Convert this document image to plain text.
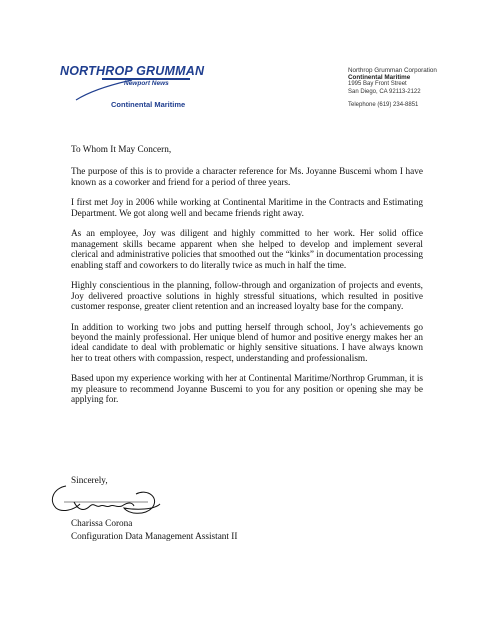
NORTHROP GRUMMAN
Newport News
Continental Maritime
Northrop Grumman Corporation
Continental Maritime
1995 Bay Front Street
San Diego, CA 92113-2122
Telephone (619) 234-8851

To Whom It May Concern,

The purpose of this is to provide a character reference for Ms. Joyanne Buscemi whom I have known as a coworker and friend for a period of three years.

I first met Joy in 2006 while working at Continental Maritime in the Contracts and Estimating Department. We got along well and became friends right away.

As an employee, Joy was diligent and highly committed to her work. Her solid office management skills became apparent when she helped to develop and implement several clerical and administrative policies that smoothed out the “kinks” in documentation processing enabling staff and coworkers to do literally twice as much in half the time.

Highly conscientious in the planning, follow-through and organization of projects and events, Joy delivered proactive solutions in highly stressful situations, which resulted in positive customer response, greater client retention and an increased loyalty base for the company.

In addition to working two jobs and putting herself through school, Joy’s achievements go beyond the mainly professional. Her unique blend of humor and positive energy makes her an ideal candidate to deal with problematic or highly sensitive situations. I have always known her to treat others with compassion, respect, understanding and professionalism.

Based upon my experience working with her at Continental Maritime/Northrop Grumman, it is my pleasure to recommend Joyanne Buscemi to you for any position or opening she may be applying for.

Sincerely,
Charissa Corona
Configuration Data Management Assistant II
